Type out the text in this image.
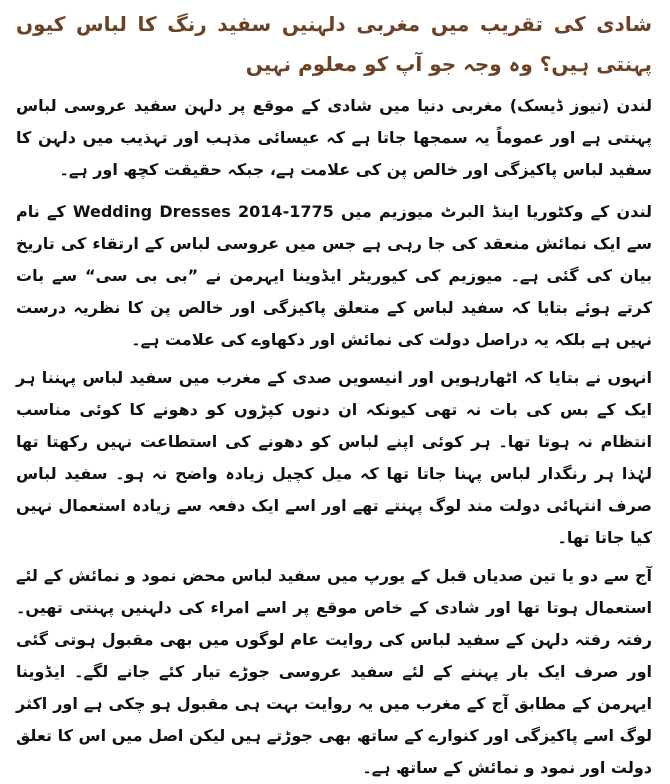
شادی کی تقریب میں مغربی دلہنیں سفید رنگ کا لباس کیوں پہنتی ہیں؟ وہ وجہ جو آپ کو معلوم نہیں

لندن (نیوز ڈیسک) مغربی دنیا میں شادی کے موقع پر دلہن سفید عروسی لباس پہنتی ہے اور عموماً یہ سمجھا جاتا ہے کہ عیسائی مذہب اور تہذیب میں دلہن کا سفید لباس پاکیزگی اور خالص پن کی علامت ہے، جبکہ حقیقت کچھ اور ہے۔

لندن کے وکٹوریا اینڈ البرٹ میوزیم میں 1775-2014 Wedding Dresses کے نام سے ایک نمائش منعقد کی جا رہی ہے جس میں عروسی لباس کے ارتقاء کی تاریخ بیان کی گئی ہے۔ میوزیم کی کیوریٹر ایڈوینا ایہرمن نے ”بی بی سی“ سے بات کرتے ہوئے بتایا کہ سفید لباس کے متعلق پاکیزگی اور خالص پن کا نظریہ درست نہیں ہے بلکہ یہ دراصل دولت کی نمائش اور دکھاوے کی علامت ہے۔

انہوں نے بتایا کہ اٹھارہویں اور انیسویں صدی کے مغرب میں سفید لباس پہننا ہر ایک کے بس کی بات نہ تھی کیونکہ ان دنوں کپڑوں کو دھونے کا کوئی مناسب انتظام نہ ہوتا تھا۔ ہر کوئی اپنے لباس کو دھونے کی استطاعت نہیں رکھتا تھا لہٰذا ہر رنگدار لباس پہنا جاتا تھا کہ میل کچیل زیادہ واضح نہ ہو۔ سفید لباس صرف انتہائی دولت مند لوگ پہنتے تھے اور اسے ایک دفعہ سے زیادہ استعمال نہیں کیا جاتا تھا۔

آج سے دو یا تین صدیاں قبل کے یورپ میں سفید لباس محض نمود و نمائش کے لئے استعمال ہوتا تھا اور شادی کے خاص موقع پر اسے امراء کی دلہنیں پہنتی تھیں۔ رفتہ رفتہ دلہن کے سفید لباس کی روایت عام لوگوں میں بھی مقبول ہوتی گئی اور صرف ایک بار پہننے کے لئے سفید عروسی جوڑے تیار کئے جانے لگے۔ ایڈوینا ایہرمن کے مطابق آج کے مغرب میں یہ روایت بہت ہی مقبول ہو چکی ہے اور اکثر لوگ اسے پاکیزگی اور کنوارے کے ساتھ بھی جوڑتے ہیں لیکن اصل میں اس کا تعلق دولت اور نمود و نمائش کے ساتھ ہے۔
